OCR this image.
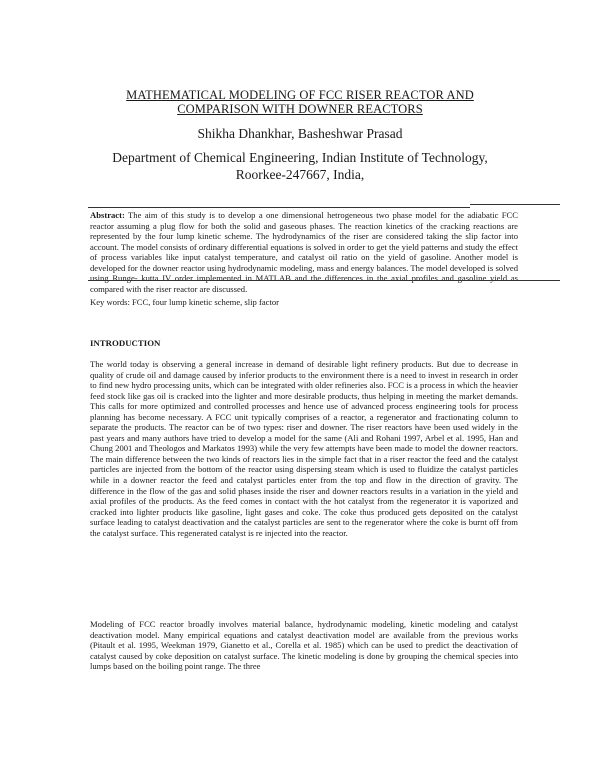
MATHEMATICAL MODELING OF FCC RISER REACTOR AND
COMPARISON WITH DOWNER REACTORS
Shikha Dhankhar, Basheshwar Prasad
Department of Chemical Engineering, Indian Institute of Technology,
Roorkee-247667, India,
Abstract: The aim of this study is to develop a one dimensional hetrogeneous two phase model for the adiabatic FCC reactor assuming a plug flow for both the solid and gaseous phases. The reaction kinetics of the cracking reactions are represented by the four lump kinetic scheme. The hydrodynamics of the riser are considered taking the slip factor into account. The model consists of ordinary differential equations is solved in order to get the yield patterns and study the effect of process variables like input catalyst temperature, and catalyst oil ratio on the yield of gasoline. Another model is developed for the downer reactor using hydrodynamic modeling, mass and energy balances. The model developed is solved using Runge- kutta IV order implemented in MATLAB and the differences in the axial profiles and gasoline yield as compared with the riser reactor are discussed.
Key words: FCC, four lump kinetic scheme, slip factor
INTRODUCTION
The world today is observing a general increase in demand of desirable light refinery products. But due to decrease in quality of crude oil and damage caused by inferior products to the environment there is a need to invest in research in order to find new hydro processing units, which can be integrated with older refineries also. FCC is a process in which the heavier feed stock like gas oil is cracked into the lighter and more desirable products, thus helping in meeting the market demands. This calls for more optimized and controlled processes and hence use of advanced process engineering tools for process planning has become necessary. A FCC unit typically comprises of a reactor, a regenerator and fractionating column to separate the products. The reactor can be of two types: riser and downer. The riser reactors have been used widely in the past years and many authors have tried to develop a model for the same (Ali and Rohani 1997, Arbel et al. 1995, Han and Chung 2001 and Theologos and Markatos 1993) while the very few attempts have been made to model the downer reactors. The main difference between the two kinds of reactors lies in the simple fact that in a riser reactor the feed and the catalyst particles are injected from the bottom of the reactor using dispersing steam which is used to fluidize the catalyst particles while in a downer reactor the feed and catalyst particles enter from the top and flow in the direction of gravity. The difference in the flow of the gas and solid phases inside the riser and downer reactors results in a variation in the yield and axial profiles of the products. As the feed comes in contact with the hot catalyst from the regenerator it is vaporized and cracked into lighter products like gasoline, light gases and coke. The coke thus produced gets deposited on the catalyst surface leading to catalyst deactivation and the catalyst particles are sent to the regenerator where the coke is burnt off from the catalyst surface. This regenerated catalyst is re injected into the reactor.
Modeling of FCC reactor broadly involves material balance, hydrodynamic modeling, kinetic modeling and catalyst deactivation model. Many empirical equations and catalyst deactivation model are available from the previous works (Pitault et al. 1995, Weekman 1979, Gianetto et al., Corella et al. 1985) which can be used to predict the deactivation of catalyst caused by coke deposition on catalyst surface. The kinetic modeling is done by grouping the chemical species into lumps based on the boiling point range. The three
